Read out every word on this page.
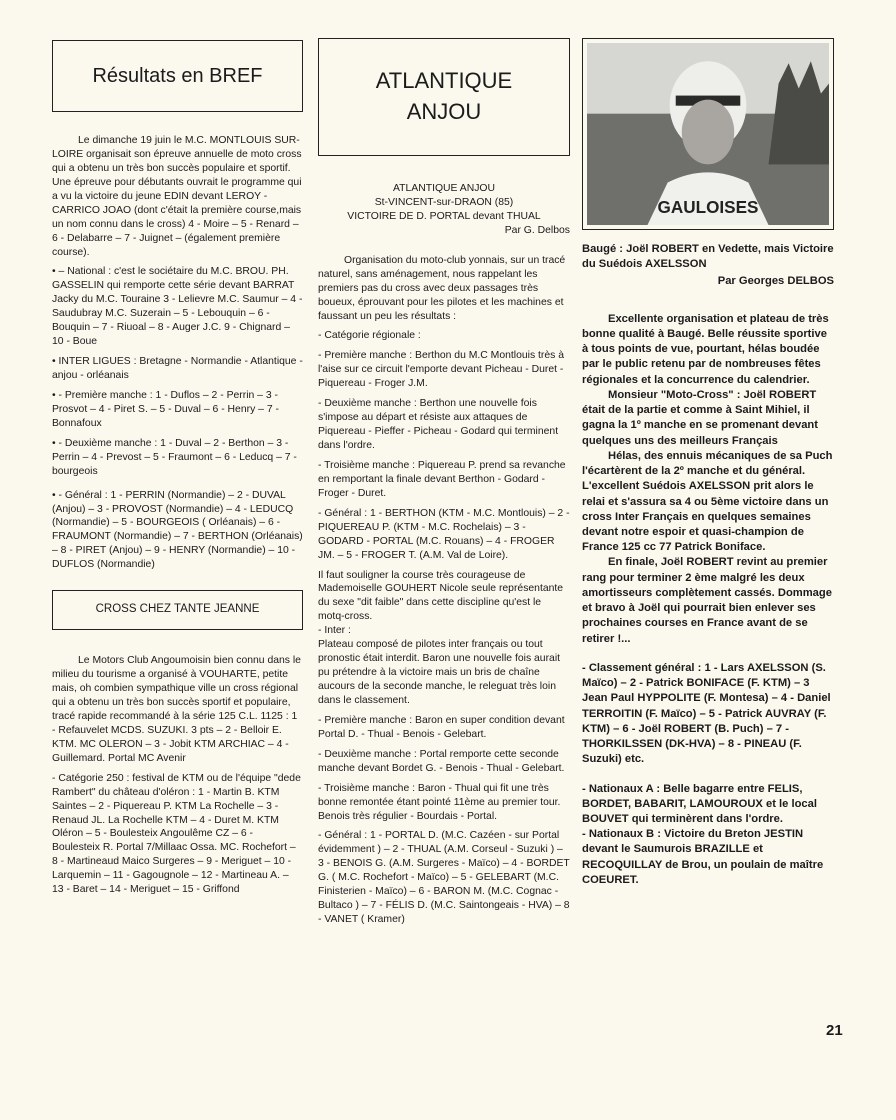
Résultats en BREF

Le dimanche 19 juin le M.C. MONTLOUIS SUR-LOIRE organisait son épreuve annuelle de moto cross qui a obtenu un très bon succès populaire et sportif. Une épreuve pour débutants ouvrait le programme qui a vu la victoire du jeune EDIN devant LEROY - CARRICO JOAO (dont c'était la première course,mais un nom connu dans le cross) 4 - Moire – 5 - Renard – 6 - Delabarre – 7 - Juignet – (également première course).

• – National : c'est le sociétaire du M.C. BROU. PH. GASSELIN qui remporte cette série devant BARRAT Jacky du M.C. Touraine 3 - Lelievre M.C. Saumur – 4 - Saudubray M.C. Suzerain – 5 - Lebouquin – 6 - Bouquin – 7 - Riuoal – 8 - Auger J.C. 9 - Chignard – 10 - Boue

• INTER LIGUES : Bretagne - Normandie - Atlantique -anjou - orléanais

• - Première manche : 1 - Duflos – 2 - Perrin – 3 - Prosvot – 4 - Piret S. – 5 - Duval – 6 - Henry – 7 - Bonnafoux

• - Deuxième manche : 1 - Duval – 2 - Berthon – 3 - Perrin – 4 - Prevost – 5 - Fraumont – 6 - Leducq – 7 - bourgeois

• - Général : 1 - PERRIN (Normandie) – 2 - DUVAL (Anjou) – 3 - PROVOST (Normandie) – 4 - LEDUCQ (Normandie) – 5 - BOURGEOIS ( Orléanais) – 6 - FRAUMONT (Normandie) – 7 - BERTHON (Orléanais) – 8 - PIRET (Anjou) – 9 - HENRY (Normandie) – 10 - DUFLOS (Normandie)

CROSS CHEZ TANTE JEANNE

Le Motors Club Angoumoisin bien connu dans le milieu du tourisme a organisé à VOUHARTE, petite mais, oh combien sympathique ville un cross régional qui a obtenu un très bon succès sportif et populaire, tracé rapide recommandé à la série 125 C.L. 1125 : 1 - Refauvelet MCDS. SUZUKI. 3 pts – 2 - Belloir E. KTM. MC OLERON – 3 - Jobit KTM ARCHIAC – 4 - Guillemard. Portal MC Avenir

- Catégorie 250 : festival de KTM ou de l'équipe "dede Rambert" du château d'oléron : 1 - Martin B. KTM Saintes – 2 - Piquereau P. KTM La Rochelle – 3 - Renaud JL. La Rochelle KTM – 4 - Duret M. KTM Oléron – 5 - Boulesteix Angoulême CZ – 6 - Boulesteix R. Portal 7/Millaac Ossa. MC. Rochefort – 8 - Martineaud Maico Surgeres – 9 - Meriguet – 10 - Larquemin – 11 - Gagougnole – 12 - Martineau A. – 13 - Baret – 14 - Meriguet – 15 - Griffond

ATLANTIQUE
ANJOU
ATLANTIQUE ANJOU
St-VINCENT-sur-DRAON (85)
VICTOIRE DE D. PORTAL devant THUAL
Par G. Delbos

Organisation du moto-club yonnais, sur un tracé naturel, sans aménagement, nous rappelant les premiers pas du cross avec deux passages très boueux, éprouvant pour les pilotes et les machines et faussant un peu les résultats :

- Catégorie régionale :

- Première manche : Berthon du M.C Montlouis très à l'aise sur ce circuit l'emporte devant Picheau - Duret - Piquereau - Froger J.M.

- Deuxième manche : Berthon une nouvelle fois s'impose au départ et résiste aux attaques de Piquereau - Pieffer - Picheau - Godard qui terminent dans l'ordre.

- Troisième manche : Piquereau P. prend sa revanche en remportant la finale devant Berthon - Godard - Froger - Duret.

- Général : 1 - BERTHON (KTM - M.C. Montlouis) – 2 - PIQUEREAU P. (KTM - M.C. Rochelais) – 3 - GODARD - PORTAL (M.C. Rouans) – 4 - FROGER JM. – 5 - FROGER T. (A.M. Val de Loire).

Il faut souligner la course très courageuse de Mademoiselle GOUHERT Nicole seule représentante du sexe "dit faible" dans cette discipline qu'est le motq-cross.

- Inter :

Plateau composé de pilotes inter français ou tout pronostic était interdit. Baron une nouvelle fois aurait pu prétendre à la victoire mais un bris de chaîne aucours de la seconde manche, le releguat très loin dans le classement.

- Première manche : Baron en super condition devant Portal D. - Thual - Benois - Gelebart.

- Deuxième manche : Portal remporte cette seconde manche devant Bordet G. - Benois - Thual - Gelebart.

- Troisième manche : Baron - Thual qui fit une très bonne remontée étant pointé 11ème au premier tour. Benois très régulier - Bourdais - Portal.

- Général : 1 - PORTAL D. (M.C. Cazéen - sur Portal évidemment ) – 2 - THUAL (A.M. Corseul - Suzuki ) – 3 - BENOIS G. (A.M. Surgeres - Maïco) – 4 - BORDET G. ( M.C. Rochefort - Maïco) – 5 - GELEBART (M.C. Finisterien - Maïco) – 6 - BARON M. (M.C. Cognac - Bultaco ) – 7 - FÉLIS D. (M.C. Saintongeais - HVA) – 8 - VANET ( Kramer)

GAULOISES

Baugé : Joël ROBERT en Vedette, mais Victoire du Suédois AXELSSON

Par Georges DELBOS

Excellente organisation et plateau de très bonne qualité à Baugé. Belle réussite sportive à tous points de vue, pourtant, hélas boudée par le public retenu par de nombreuses fêtes régionales et la concurrence du calendrier.

Monsieur "Moto-Cross" : Joël ROBERT était de la partie et comme à Saint Mihiel, il gagna la 1º manche en se promenant devant quelques uns des meilleurs Français

Hélas, des ennuis mécaniques de sa Puch l'écartèrent de la 2º manche et du général. L'excellent Suédois AXELSSON prit alors le relai et s'assura sa 4 ou 5ème victoire dans un cross Inter Français en quelques semaines devant notre espoir et quasi-champion de France 125 cc 77 Patrick Boniface.

En finale, Joël ROBERT revint au premier rang pour terminer 2 ème malgré les deux amortisseurs complètement cassés. Dommage et bravo à Joël qui pourrait bien enlever ses prochaines courses en France avant de se retirer !...

- Classement général : 1 - Lars AXELSSON (S. Maïco) – 2 - Patrick BONIFACE (F. KTM) – 3 Jean Paul HYPPOLITE (F. Montesa) – 4 - Daniel TERROITIN (F. Maïco) – 5 - Patrick AUVRAY (F. KTM) – 6 - Joël ROBERT (B. Puch) – 7 - THORKILSSEN (DK-HVA) – 8 - PINEAU (F. Suzuki) etc.

- Nationaux A : Belle bagarre entre FELIS, BORDET, BABARIT, LAMOUROUX et le local BOUVET qui terminèrent dans l'ordre.

- Nationaux B : Victoire du Breton JESTIN devant le Saumurois BRAZILLE et RECOQUILLAY de Brou, un poulain de maître COEURET.

21
